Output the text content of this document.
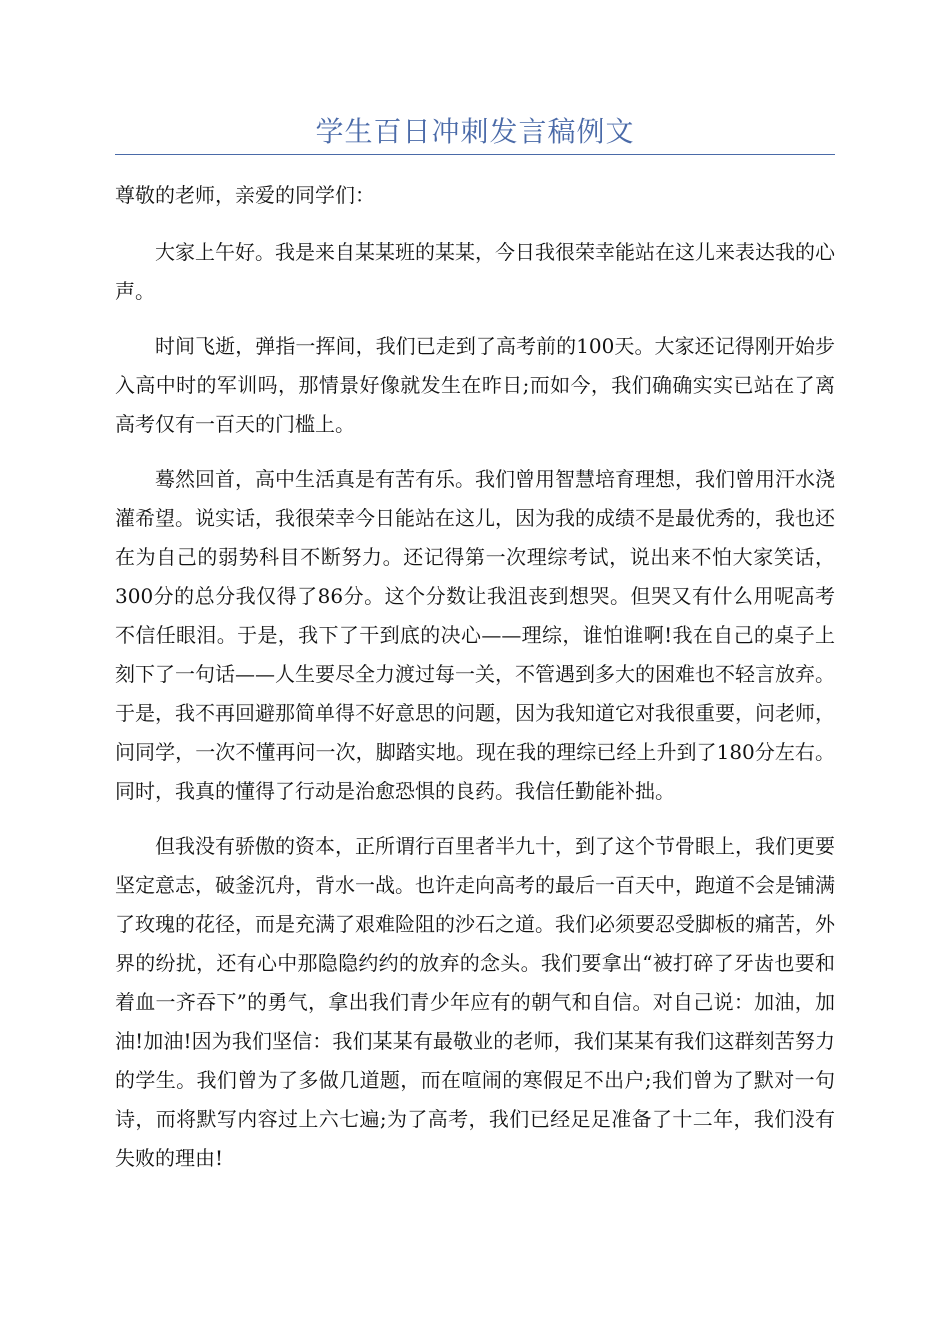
学生百日冲刺发言稿例文

尊敬的老师，亲爱的同学们：

大家上午好。我是来自某某班的某某，今日我很荣幸能站在这儿来表达我的心声。

时间飞逝，弹指一挥间，我们已走到了高考前的100天。大家还记得刚开始步入高中时的军训吗，那情景好像就发生在昨日;而如今，我们确确实实已站在了离高考仅有一百天的门槛上。

蓦然回首，高中生活真是有苦有乐。我们曾用智慧培育理想，我们曾用汗水浇灌希望。说实话，我很荣幸今日能站在这儿，因为我的成绩不是最优秀的，我也还在为自己的弱势科目不断努力。还记得第一次理综考试，说出来不怕大家笑话，300分的总分我仅得了86分。这个分数让我沮丧到想哭。但哭又有什么用呢高考不信任眼泪。于是，我下了干到底的决心——理综，谁怕谁啊!我在自己的桌子上刻下了一句话——人生要尽全力渡过每一关，不管遇到多大的困难也不轻言放弃。于是，我不再回避那简单得不好意思的问题，因为我知道它对我很重要，问老师，问同学，一次不懂再问一次，脚踏实地。现在我的理综已经上升到了180分左右。同时，我真的懂得了行动是治愈恐惧的良药。我信任勤能补拙。

但我没有骄傲的资本，正所谓行百里者半九十，到了这个节骨眼上，我们更要坚定意志，破釜沉舟，背水一战。也许走向高考的最后一百天中，跑道不会是铺满了玫瑰的花径，而是充满了艰难险阻的沙石之道。我们必须要忍受脚板的痛苦，外界的纷扰，还有心中那隐隐约约的放弃的念头。我们要拿出“被打碎了牙齿也要和着血一齐吞下”的勇气，拿出我们青少年应有的朝气和自信。对自己说：加油，加油!加油!因为我们坚信：我们某某有最敬业的老师，我们某某有我们这群刻苦努力的学生。我们曾为了多做几道题，而在喧闹的寒假足不出户;我们曾为了默对一句诗，而将默写内容过上六七遍;为了高考，我们已经足足准备了十二年，我们没有失败的理由!
